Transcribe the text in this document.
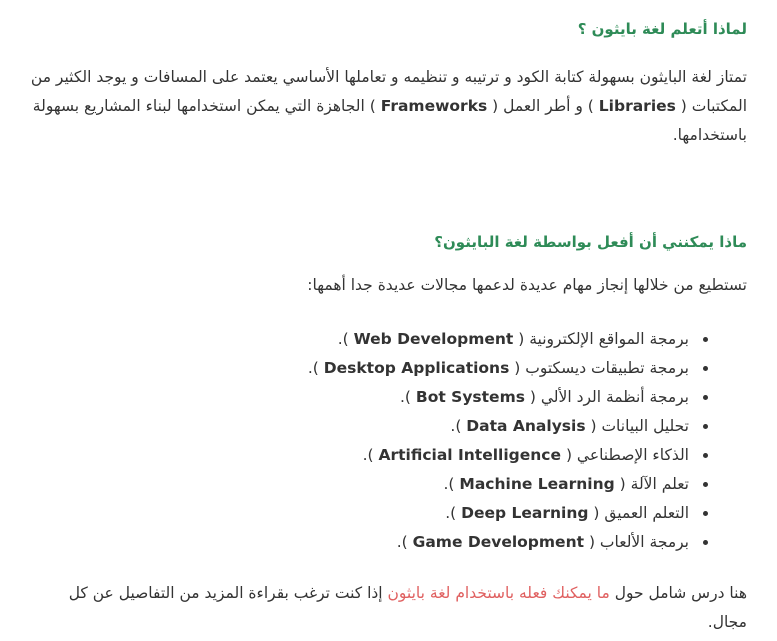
لماذا أتعلم لغة بايثون ؟

تمتاز لغة البايثون بسهولة كتابة الكود و ترتيبه و تنظيمه و تعاملها الأساسي يعتمد على المسافات و يوجد الكثير من المكتبات ( Libraries ) و أطر العمل ( Frameworks ) الجاهزة التي يمكن استخدامها لبناء المشاريع بسهولة باستخدامها.

ماذا يمكنني أن أفعل بواسطة لغة البايثون؟

تستطيع من خلالها إنجاز مهام عديدة لدعمها مجالات عديدة جدا أهمها:

• برمجة المواقع الإلكترونية ( Web Development ).
• برمجة تطبيقات ديسكتوب ( Desktop Applications ).
• برمجة أنظمة الرد الألي ( Bot Systems ).
• تحليل البيانات ( Data Analysis ).
• الذكاء الإصطناعي ( Artificial Intelligence ).
• تعلم الآلة ( Machine Learning ).
• التعلم العميق ( Deep Learning ).
• برمجة الألعاب ( Game Development ).

هنا درس شامل حول ما يمكنك فعله باستخدام لغة بايثون إذا كنت ترغب بقراءة المزيد من التفاصيل عن كل مجال.
